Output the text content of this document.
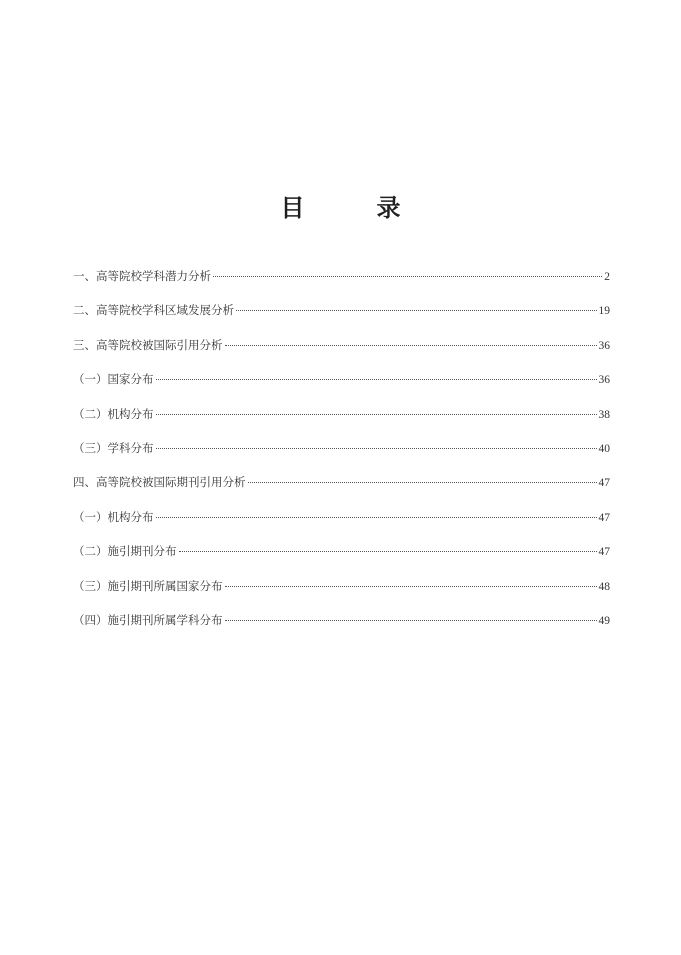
目　录
一、高等院校学科潜力分析	2
二、高等院校学科区域发展分析	19
三、高等院校被国际引用分析	36
（一）国家分布	36
（二）机构分布	38
（三）学科分布	40
四、高等院校被国际期刊引用分析	47
（一）机构分布	47
（二）施引期刊分布	47
（三）施引期刊所属国家分布	48
（四）施引期刊所属学科分布	49
